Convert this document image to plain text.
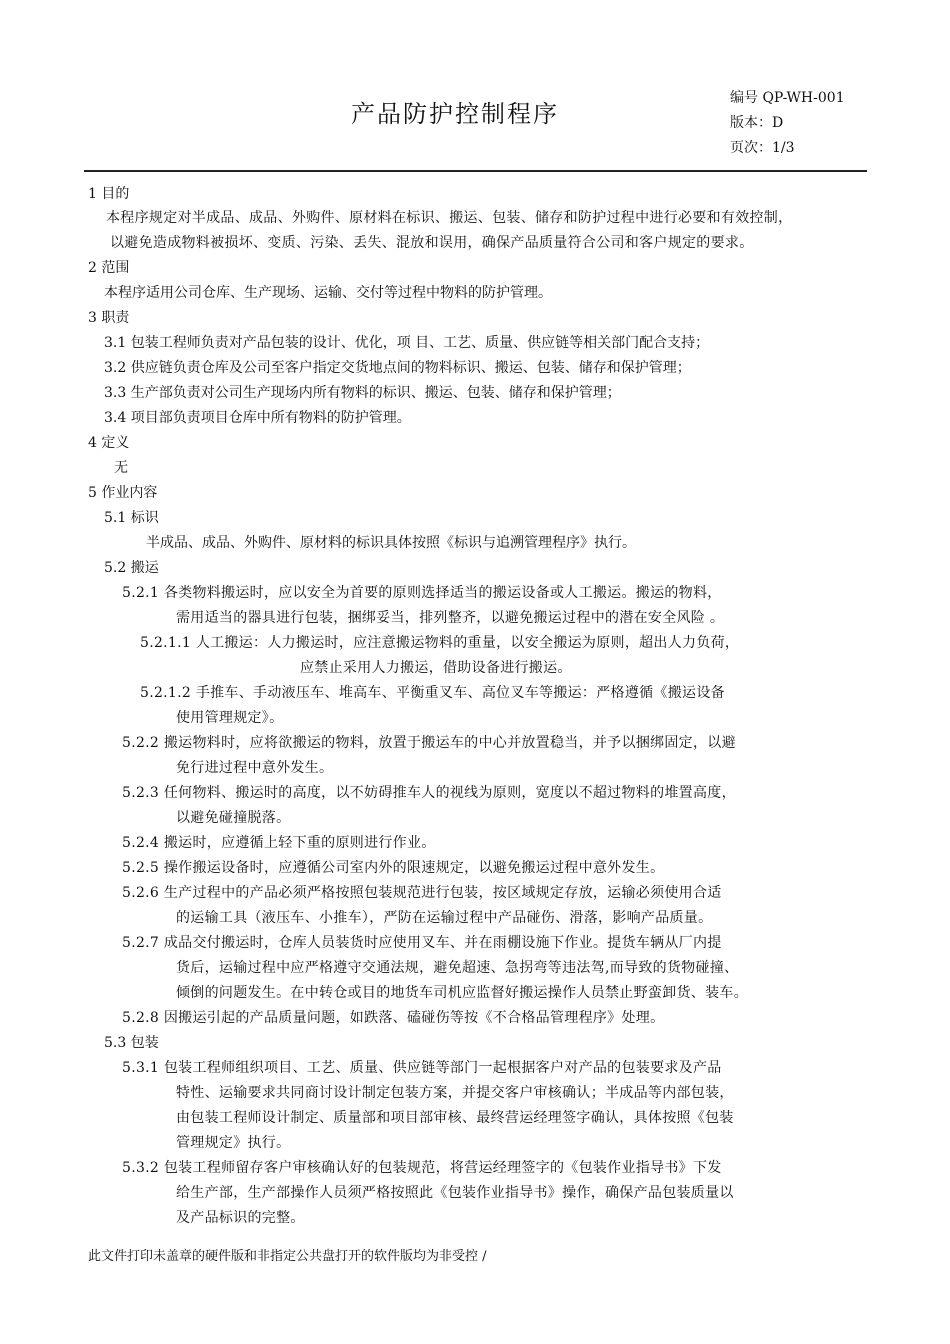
产品防护控制程序
编号 QP-WH-001
版本：D
页次：1/3
1 目的
本程序规定对半成品、成品、外购件、原材料在标识、搬运、包装、储存和防护过程中进行必要和有效控制，
以避免造成物料被损坏、变质、污染、丢失、混放和误用，确保产品质量符合公司和客户规定的要求。
2 范围
本程序适用公司仓库、生产现场、运输、交付等过程中物料的防护管理。
3 职责
3.1 包装工程师负责对产品包装的设计、优化，项 目、工艺、质量、供应链等相关部门配合支持；
3.2 供应链负责仓库及公司至客户指定交货地点间的物料标识、搬运、包装、储存和保护管理；
3.3 生产部负责对公司生产现场内所有物料的标识、搬运、包装、储存和保护管理；
3.4 项目部负责项目仓库中所有物料的防护管理。
4 定义
无
5 作业内容
5.1 标识
半成品、成品、外购件、原材料的标识具体按照《标识与追溯管理程序》执行。
5.2 搬运
5.2.1 各类物料搬运时，应以安全为首要的原则选择适当的搬运设备或人工搬运。搬运的物料，
需用适当的器具进行包装，捆绑妥当，排列整齐，以避免搬运过程中的潜在安全风险 。
5.2.1.1 人工搬运：人力搬运时，应注意搬运物料的重量，以安全搬运为原则，超出人力负荷，
应禁止采用人力搬运，借助设备进行搬运。
5.2.1.2 手推车、手动液压车、堆高车、平衡重叉车、高位叉车等搬运：严格遵循《搬运设备
使用管理规定》。
5.2.2 搬运物料时，应将欲搬运的物料，放置于搬运车的中心并放置稳当，并予以捆绑固定，以避
免行进过程中意外发生。
5.2.3 任何物料、搬运时的高度，以不妨碍推车人的视线为原则，宽度以不超过物料的堆置高度，
以避免碰撞脱落。
5.2.4 搬运时，应遵循上轻下重的原则进行作业。
5.2.5 操作搬运设备时，应遵循公司室内外的限速规定，以避免搬运过程中意外发生。
5.2.6 生产过程中的产品必须严格按照包装规范进行包装，按区域规定存放，运输必须使用合适
的运输工具（液压车、小推车），严防在运输过程中产品碰伤、滑落，影响产品质量。
5.2.7 成品交付搬运时，仓库人员装货时应使用叉车、并在雨棚设施下作业。提货车辆从厂内提
货后，运输过程中应严格遵守交通法规，避免超速、急拐弯等违法驾,而导致的货物碰撞、
倾倒的问题发生。在中转仓或目的地货车司机应监督好搬运操作人员禁止野蛮卸货、装车。
5.2.8 因搬运引起的产品质量问题，如跌落、磕碰伤等按《不合格品管理程序》处理。
5.3 包装
5.3.1 包装工程师组织项目、工艺、质量、供应链等部门一起根据客户对产品的包装要求及产品
特性、运输要求共同商讨设计制定包装方案，并提交客户审核确认；半成品等内部包装，
由包装工程师设计制定、质量部和项目部审核、最终营运经理签字确认，具体按照《包装
管理规定》执行。
5.3.2 包装工程师留存客户审核确认好的包装规范，将营运经理签字的《包装作业指导书》下发
给生产部，生产部操作人员须严格按照此《包装作业指导书》操作，确保产品包装质量以
及产品标识的完整。
此文件打印未盖章的硬件版和非指定公共盘打开的软件版均为非受控 /
